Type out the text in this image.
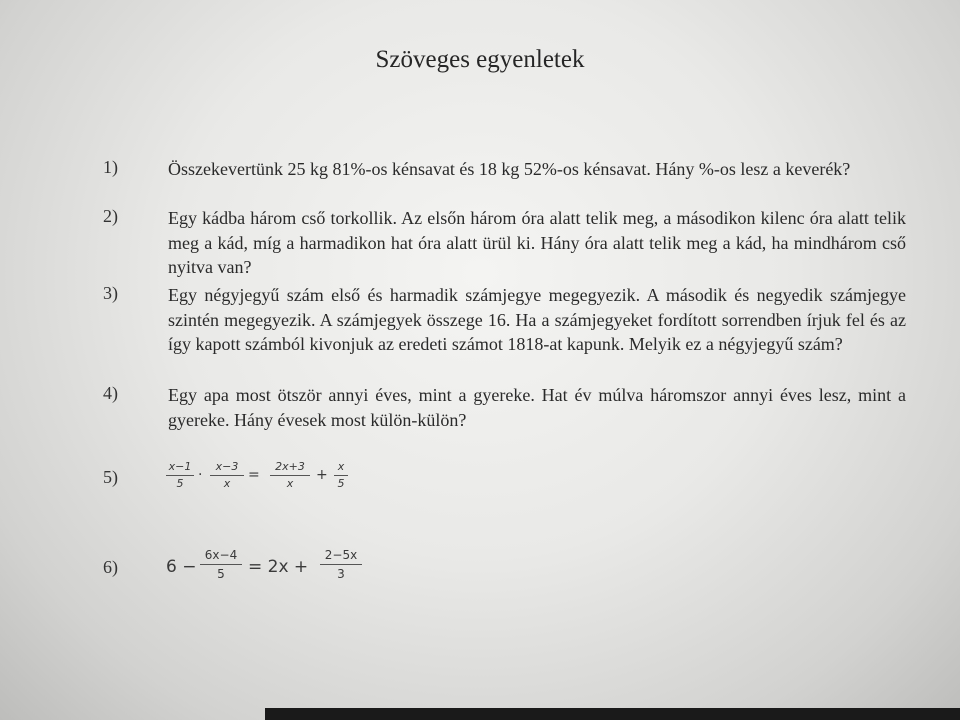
Szöveges egyenletek
1)	Összekevertünk 25 kg 81%-os kénsavat és 18 kg 52%-os kénsavat. Hány %-os lesz a keverék?
2)	Egy kádba három cső torkollik. Az elsőn három óra alatt telik meg, a másodikon kilenc óra alatt telik meg a kád, míg a harmadikon hat óra alatt ürül ki. Hány óra alatt telik meg a kád, ha mindhárom cső nyitva van?
3)	Egy négyjegyű szám első és harmadik számjegye megegyezik. A második és negyedik számjegye szintén megegyezik. A számjegyek összege 16. Ha a számjegyeket fordított sorrendben írjuk fel és az így kapott számból kivonjuk az eredeti számot 1818-at kapunk. Melyik ez a négyjegyű szám?
4)	Egy apa most ötször annyi éves, mint a gyereke. Hat év múlva háromszor annyi éves lesz, mint a gyereke. Hány évesek most külön-külön?
5)	$\frac{x-1}{5} \cdot \frac{x-3}{x} = \frac{2x+3}{x} + \frac{x}{5}$
6)	$6 - \frac{6x-4}{5} = 2x + \frac{2-5x}{3}$
